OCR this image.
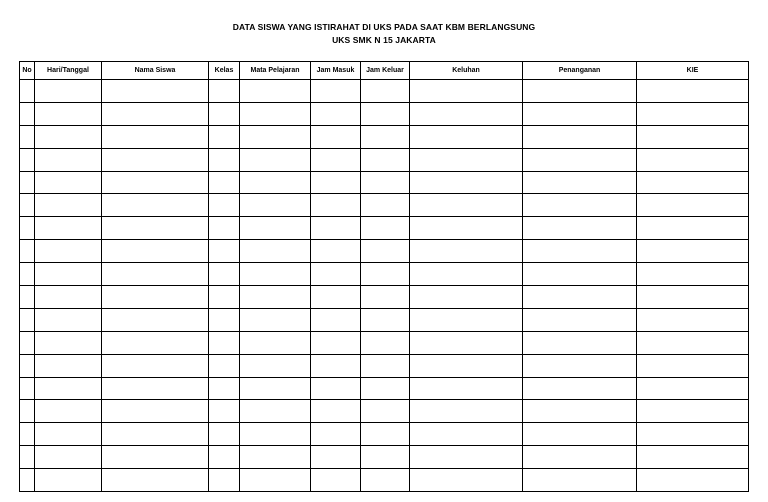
DATA SISWA YANG ISTIRAHAT DI UKS PADA SAAT KBM BERLANGSUNG
UKS SMK N 15 JAKARTA
No	Hari/Tanggal	Nama Siswa	Kelas	Mata Pelajaran	Jam Masuk	Jam Keluar	Keluhan	Penanganan	KIE
